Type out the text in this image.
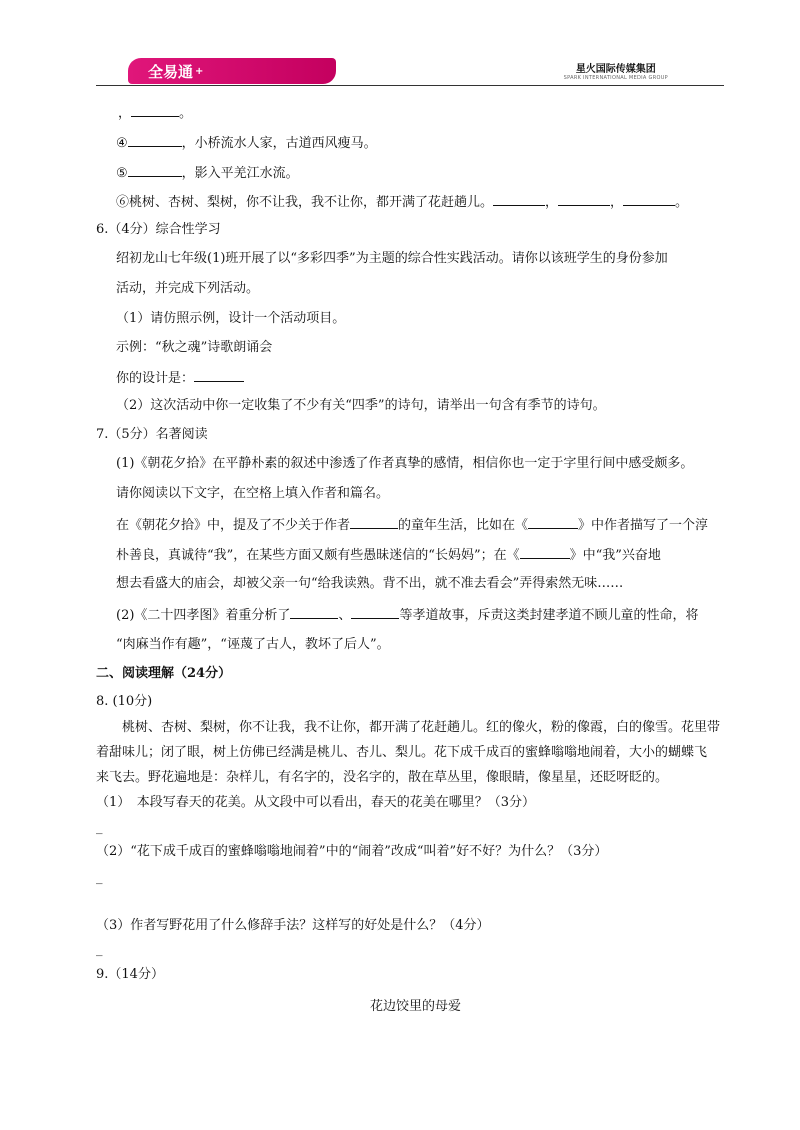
全易通 +	星火国际传媒集团
SPARK INTERNATIONAL MEDIA GROUP
，	。
④	，小桥流水人家，古道西风瘦马。
⑤	，影入平羌江水流。
⑥桃树、杏树、梨树，你不让我，我不让你，都开满了花赶趟儿。	，	，	。
6.（4分）综合性学习
绍初龙山七年级(1)班开展了以“多彩四季”为主题的综合性实践活动。请你以该班学生的身份参加
活动，并完成下列活动。
（1）请仿照示例，设计一个活动项目。
示例：“秋之魂”诗歌朗诵会
你的设计是：
（2）这次活动中你一定收集了不少有关“四季”的诗句，请举出一句含有季节的诗句。
7.（5分）名著阅读
(1)《朝花夕拾》在平静朴素的叙述中渗透了作者真挚的感情，相信你也一定于字里行间中感受颇多。
请你阅读以下文字，在空格上填入作者和篇名。
在《朝花夕拾》中，提及了不少关于作者	的童年生活，比如在《	》中作者描写了一个淳
朴善良，真诚待“我”，在某些方面又颇有些愚昧迷信的“长妈妈”；在《	》中“我”兴奋地
想去看盛大的庙会，却被父亲一句“给我读熟。背不出，就不准去看会”弄得索然无味……
(2)《二十四孝图》着重分析了	、	等孝道故事，斥责这类封建孝道不顾儿童的性命，将
“肉麻当作有趣”，“诬蔑了古人，教坏了后人”。
二、阅读理解（24分）
8. (10分)
桃树、杏树、梨树，你不让我，我不让你，都开满了花赶趟儿。红的像火，粉的像霞，白的像雪。花里带
着甜味儿；闭了眼，树上仿佛已经满是桃儿、杏儿、梨儿。花下成千成百的蜜蜂嗡嗡地闹着，大小的蝴蝶飞
来飞去。野花遍地是：杂样儿，有名字的，没名字的，散在草丛里，像眼睛，像星星，还眨呀眨的。
（1）　本段写春天的花美。从文段中可以看出，春天的花美在哪里？（3分）
_
（2）“花下成千成百的蜜蜂嗡嗡地闹着”中的“闹着”改成“叫着”好不好？为什么？（3分）
_
（3）作者写野花用了什么修辞手法？这样写的好处是什么？（4分）
_
9.（14分）
花边饺里的母爱
